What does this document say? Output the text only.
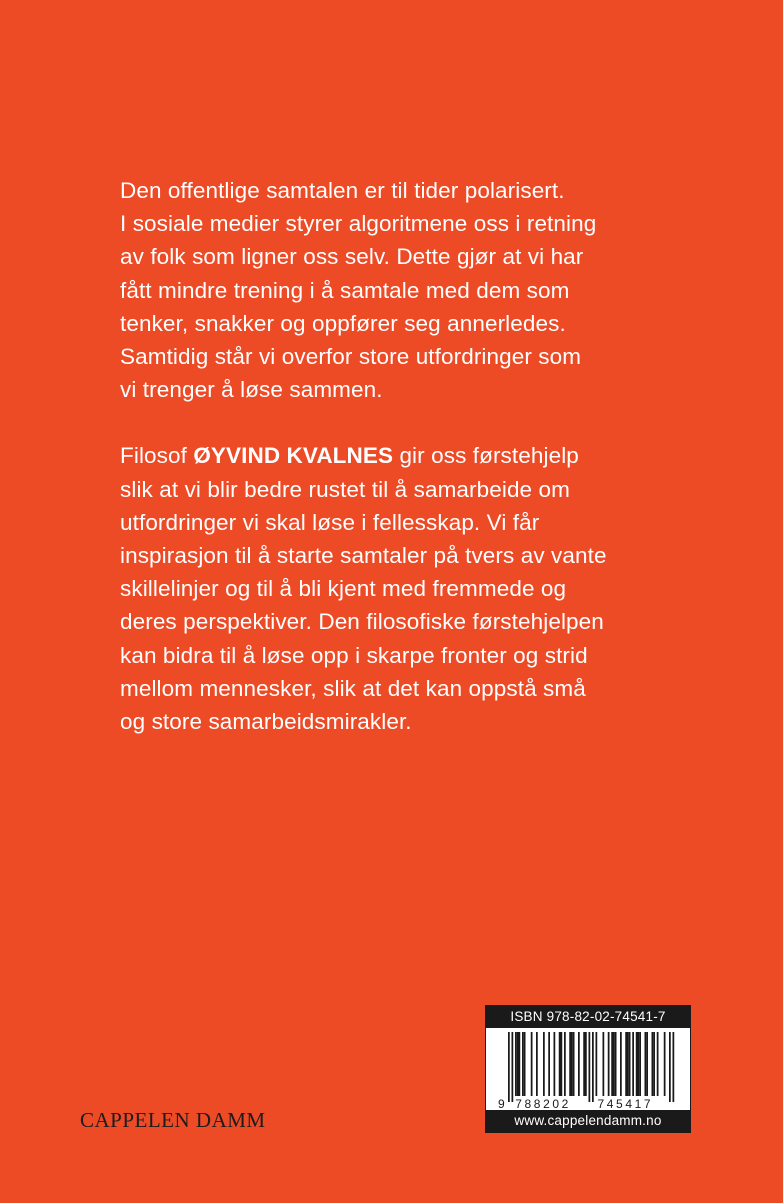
Den offentlige samtalen er til tider polarisert.
I sosiale medier styrer algoritmene oss i retning
av folk som ligner oss selv. Dette gjør at vi har
fått mindre trening i å samtale med dem som
tenker, snakker og oppfører seg annerledes.
Samtidig står vi overfor store utfordringer som
vi trenger å løse sammen.

Filosof ØYVIND KVALNES gir oss førstehjelp
slik at vi blir bedre rustet til å samarbeide om
utfordringer vi skal løse i fellesskap. Vi får
inspirasjon til å starte samtaler på tvers av vante
skillelinjer og til å bli kjent med fremmede og
deres perspektiver. Den filosofiske førstehjelpen
kan bidra til å løse opp i skarpe fronter og strid
mellom mennesker, slik at det kan oppstå små
og store samarbeidsmirakler.

CAPPELEN DAMM
ISBN 978-82-02-74541-7
9 788202 745417
www.cappelendamm.no
